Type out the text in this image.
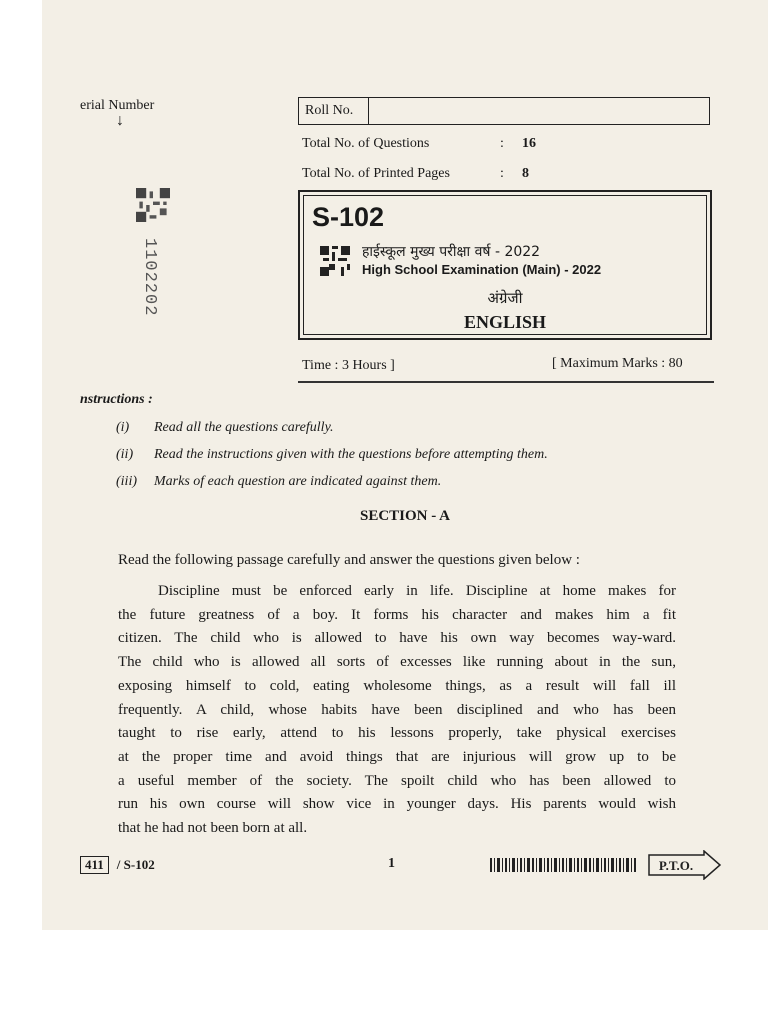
erial Number
↓
1102202
Roll No.
Total No. of Questions	:	16
Total No. of Printed Pages	:	8
S-102
हाईस्कूल मुख्य परीक्षा वर्ष - 2022
High School Examination (Main) - 2022
अंग्रेजी
ENGLISH
Time : 3 Hours ]	[ Maximum Marks : 80
nstructions :
(i) Read all the questions carefully.
(ii) Read the instructions given with the questions before attempting them.
(iii) Marks of each question are indicated against them.
SECTION - A
Read the following passage carefully and answer the questions given below :
Discipline must be enforced early in life. Discipline at home makes for
the future greatness of a boy. It forms his character and makes him a fit
citizen. The child who is allowed to have his own way becomes way-ward.
The child who is allowed all sorts of excesses like running about in the sun,
exposing himself to cold, eating wholesome things, as a result will fall ill
frequently. A child, whose habits have been disciplined and who has been
taught to rise early, attend to his lessons properly, take physical exercises
at the proper time and avoid things that are injurious will grow up to be
a useful member of the society. The spoilt child who has been allowed to
run his own course will show vice in younger days. His parents would wish
that he had not been born at all.
411	/ S-102	1	P.T.O.
